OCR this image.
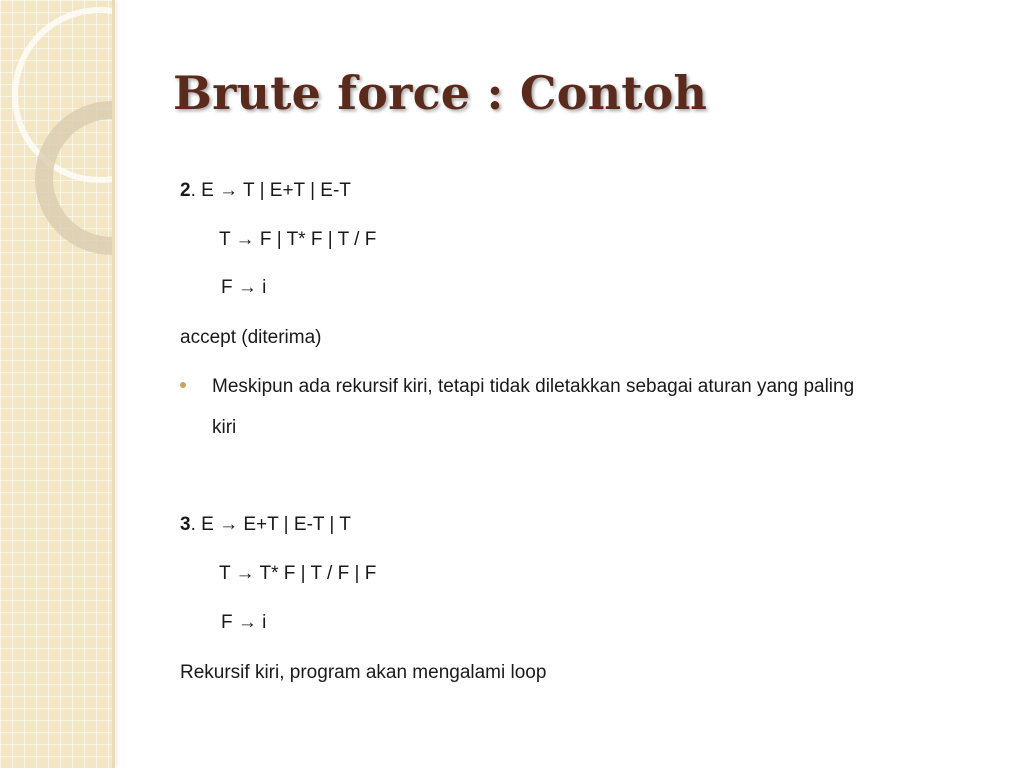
Brute force : Contoh
2. E → T | E+T | E-T
T → F | T* F | T / F
F → i
accept (diterima)
Meskipun ada rekursif kiri, tetapi tidak diletakkan sebagai aturan yang paling
kiri
3. E → E+T | E-T | T
T → T* F | T / F | F
F → i
Rekursif kiri, program akan mengalami loop
